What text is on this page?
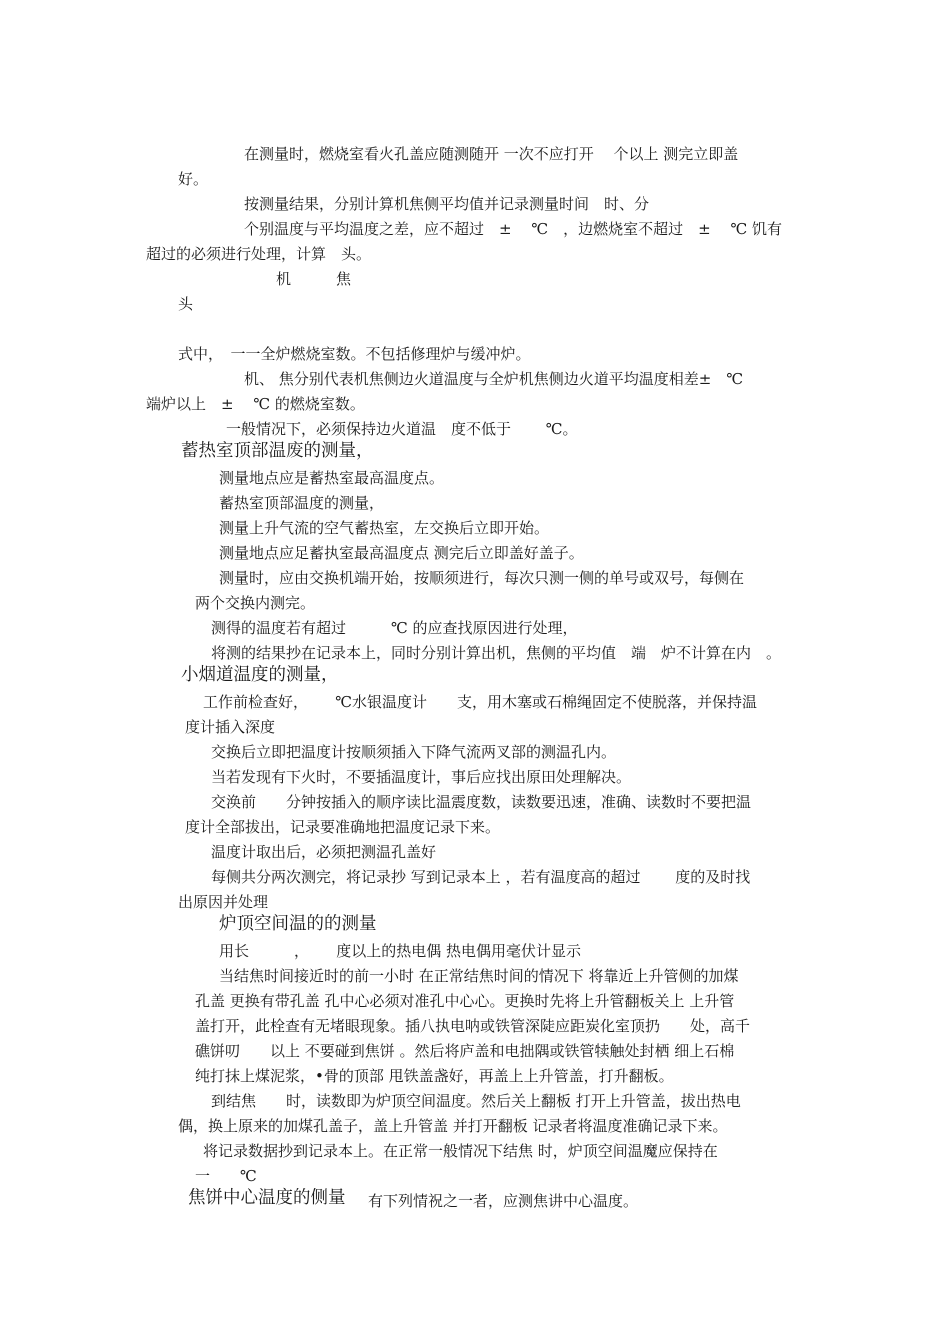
在测量时，燃烧室看火孔盖应随测随开 一次不应打开　 个以上 测完立即盖
好。
按测量结果，分别计算机焦侧平均值并记录测量时间　时、分
个别温度与平均温度之差，应不超过　±　 ℃　，边燃烧室不超过　±　 ℃ 饥有
超过的必须进行处理，计算　头。
机　　　焦
头
式中，　一一全炉燃烧室数。不包括修理炉与缓冲炉。
机、 焦分别代表机焦侧边火道温度与全炉机焦侧边火道平均温度相差±　℃
端炉以上　±　 ℃ 的燃烧室数。
一般情况下，必须保持边火道温　度不低于　　 ℃。
蓄热室顶部温废的测量，
测量地点应是蓄热室最高温度点。
蓄热室顶部温度的测量，
测量上升气流的空气蓄热室，左交换后立即开始。
测量地点应足蓄执室最高温度点 测完后立即盖好盖子。
测量时，应由交换机端开始，按顺须进行，每次只测一侧的单号或双号，每侧在
两个交换内测完。
测得的温度若有超过　　　℃ 的应查找原因进行处理，
将测的结果抄在记录本上，同时分别计算出机，焦侧的平均值　端　炉不计算在内　。
小烟道温度的测量，
工作前检查好，　　 ℃水银温度计　　支，用木塞或石棉绳固定不使脱落，并保持温
度计插入深度
交换后立即把温度计按顺须插入下降气流两叉部的测温孔内。
当若发现有下火时，不要插温度计，事后应找出原田处理解决。
交涣前　　分钟按插入的顺序读比温震度数，读数要迅速，准确、读数时不要把温
度计全部拔出，记录要准确地把温度记录下来。
温度计取出后，必须把测温孔盖好
每侧共分两次测完，将记录抄 写到记录本上 ，若有温度高的超过　　 度的及时找
出原因并处理
炉顶空间温的的测量
用长　　　，　　 度以上的热电偶 热电偶用毫伏计显示
当结焦时间接近时的前一小时 在正常结焦时间的情况下 将靠近上升管侧的加煤
孔盖 更换有带孔盖 孔中心必须对准孔中心心。更换时先将上升管翻板关上 上升管
盖打开，此栓查有无堵眼现象。插八执电呐或铁管深陡应距炭化室顶扔　　处，高千
礁饼叨　　以上 不要碰到焦饼 。然后将庐盖和电拙隅或铁管犊触处封栖 细上石棉
纯打抹上煤泥浆，•骨的顶部 甩铁盖盏好，再盖上上升管盖，打升翻板。
到结焦　　时，读数即为炉顶空间温度。然后关上翻板 打开上升管盖，拔出热电
偶，换上原来的加煤孔盖子，盖上升管盖 并打开翻板 记录者将温度准确记录下来。
将记录数据抄到记录本上。在正常一般情况下结焦 时，炉顶空间温魔应保持在
一　　℃
焦饼中心温度的侧量 有下列情祝之一者，应测焦讲中心温度。
